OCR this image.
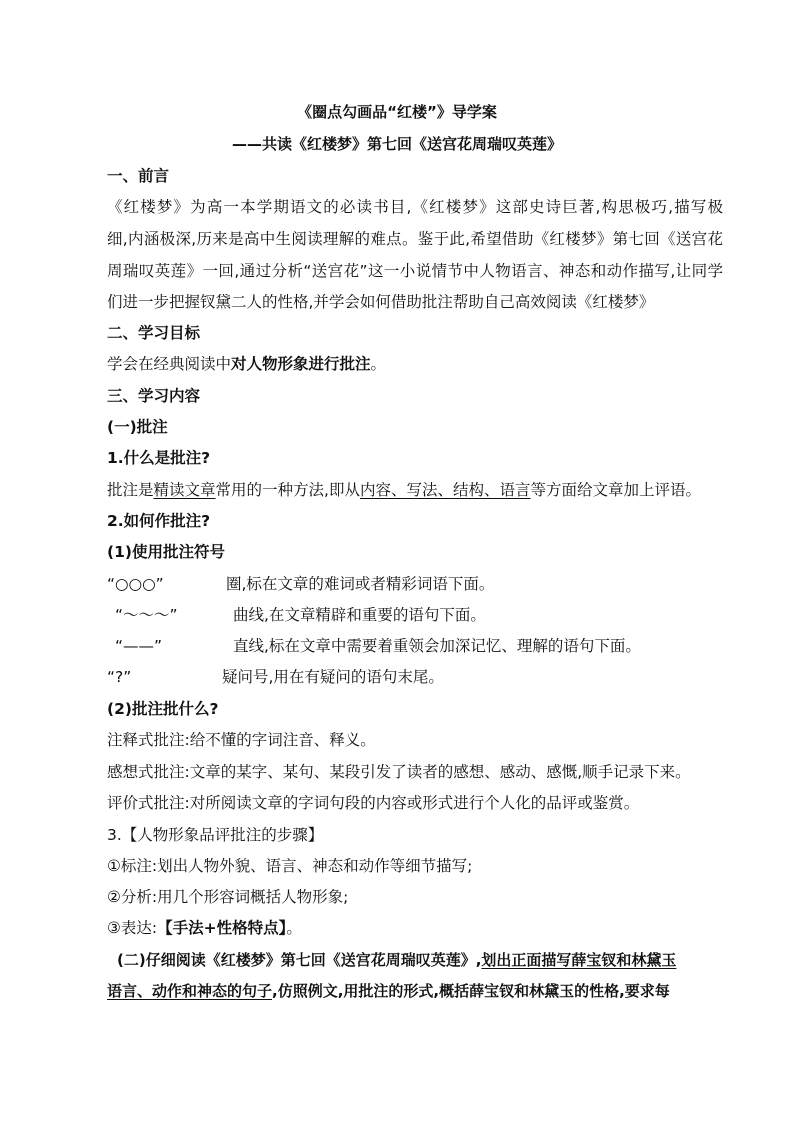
《圈点勾画品“红楼”》导学案
——共读《红楼梦》第七回《送宫花周瑞叹英莲》
一、前言
《红楼梦》为高一本学期语文的必读书目,《红楼梦》这部史诗巨著,构思极巧,描写极
细,内涵极深,历来是高中生阅读理解的难点。鉴于此,希望借助《红楼梦》第七回《送宫花
周瑞叹英莲》一回,通过分析“送宫花”这一小说情节中人物语言、神态和动作描写,让同学
们进一步把握钗黛二人的性格,并学会如何借助批注帮助自己高效阅读《红楼梦》
二、学习目标
学会在经典阅读中对人物形象进行批注。
三、学习内容
(一)批注
1.什么是批注?
批注是精读文章常用的一种方法,即从内容、写法、结构、语言等方面给文章加上评语。
2.如何作批注?
(1)使用批注符号
“○○○”	圈,标在文章的难词或者精彩词语下面。
“～～～”	曲线,在文章精辟和重要的语句下面。
“——”	直线,标在文章中需要着重领会加深记忆、理解的语句下面。
“?”	疑问号,用在有疑问的语句末尾。
(2)批注批什么?
注释式批注:给不懂的字词注音、释义。
感想式批注:文章的某字、某句、某段引发了读者的感想、感动、感慨,顺手记录下来。
评价式批注:对所阅读文章的字词句段的内容或形式进行个人化的品评或鉴赏。
3.【人物形象品评批注的步骤】
①标注:划出人物外貌、语言、神态和动作等细节描写;
②分析:用几个形容词概括人物形象;
③表达:【手法+性格特点】。
(二)仔细阅读《红楼梦》第七回《送宫花周瑞叹英莲》,划出正面描写薛宝钗和林黛玉
语言、动作和神态的句子,仿照例文,用批注的形式,概括薛宝钗和林黛玉的性格,要求每
